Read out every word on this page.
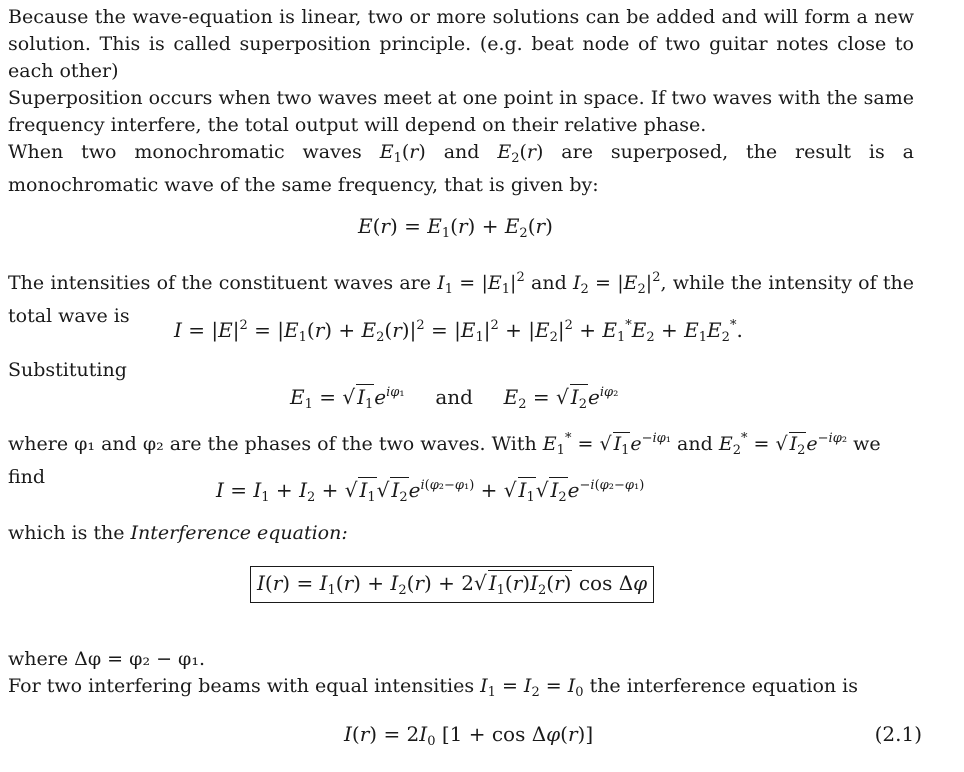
Because the wave-equation is linear, two or more solutions can be added and will form a new solution. This is called superposition principle. (e.g. beat node of two guitar notes close to each other)

Superposition occurs when two waves meet at one point in space. If two waves with the same frequency interfere, the total output will depend on their relative phase.

When two monochromatic waves $E_1(r)$ and $E_2(r)$ are superposed, the result is a monochromatic wave of the same frequency, that is given by:

$E(r) = E_1(r) + E_2(r)$

The intensities of the constituent waves are $I_1 = |E_1|^2$ and $I_2 = |E_2|^2$, while the intensity of the total wave is

$I = |E|^2 = |E_1(r) + E_2(r)|^2 = |E_1|^2 + |E_2|^2 + E_1^*E_2 + E_1E_2^*$.

Substituting

$E_1$ = √ $I_1e^{i\varphi_1}$ and $E_2$ = √ $I_2e^{i\varphi_2}$

where φ₁ and φ₂ are the phases of the two waves. With $E_1^*$ = √ $I_1e^{-i\varphi_1}$ and $E_2^*$ = √ $I_2e^{-i\varphi_2}$ we find

$I = I_1 + I_2$ + √ $I_1√$ $I_2e^{i(\varphi_2-\varphi_1)}$ + √ $I_1√$ $I_2e^{-i(\varphi_2-\varphi_1)}$

which is the Interference equation:

$I(r) = I_1(r) + I_2(r) + 2√$ $I_1(r)I_2(r)$ cos Δφ

where Δφ = φ₂ − φ₁.

For two interfering beams with equal intensities $I_1 = I_2 = I_0$ the interference equation is

$I(r) = 2I_0$ [1 + cos Δφ(r)]	(2.1)
